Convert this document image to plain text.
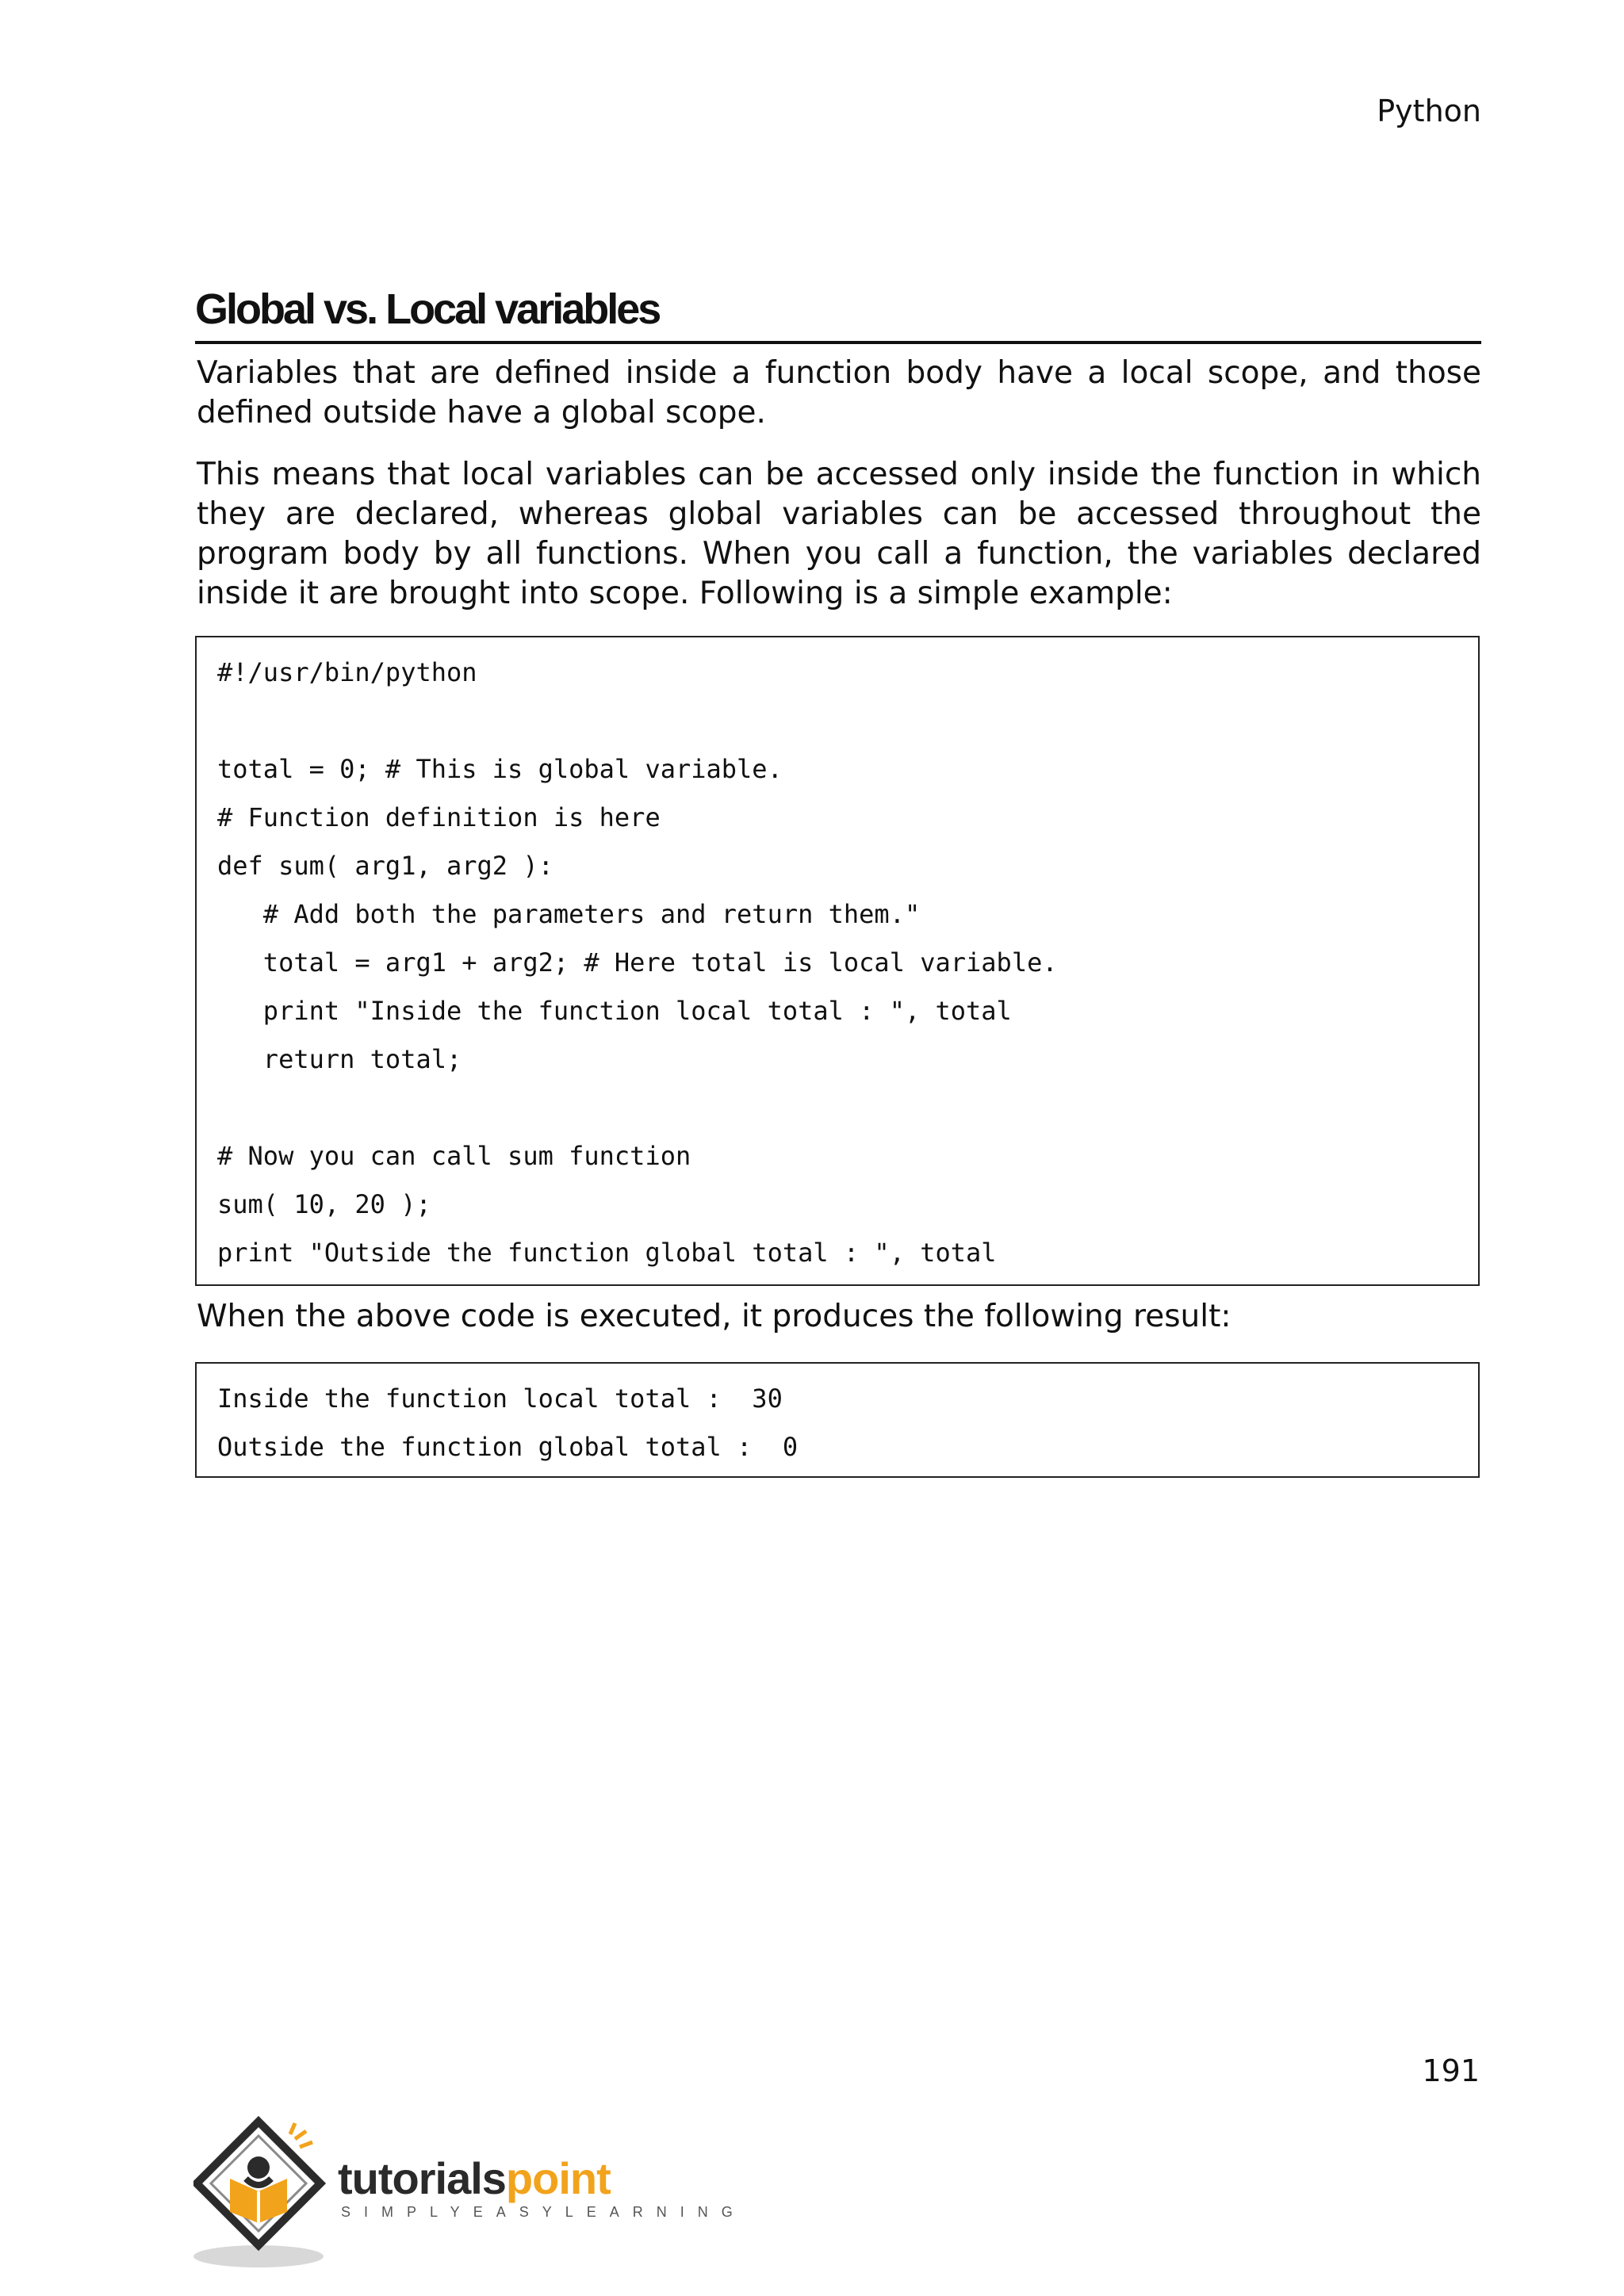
Python
Global vs. Local variables
Variables that are defined inside a function body have a local scope, and those defined outside have a global scope.
This means that local variables can be accessed only inside the function in which they are declared, whereas global variables can be accessed throughout the program body by all functions. When you call a function, the variables declared inside it are brought into scope. Following is a simple example:
#!/usr/bin/python
total = 0; # This is global variable.
# Function definition is here
def sum( arg1, arg2 ):
# Add both the parameters and return them."
total = arg1 + arg2; # Here total is local variable.
print "Inside the function local total : ", total
return total;
# Now you can call sum function
sum( 10, 20 );
print "Outside the function global total : ", total
When the above code is executed, it produces the following result:
Inside the function local total :  30
Outside the function global total :  0
191
tutorialspoint
SIMPLYEASYLEARNING
